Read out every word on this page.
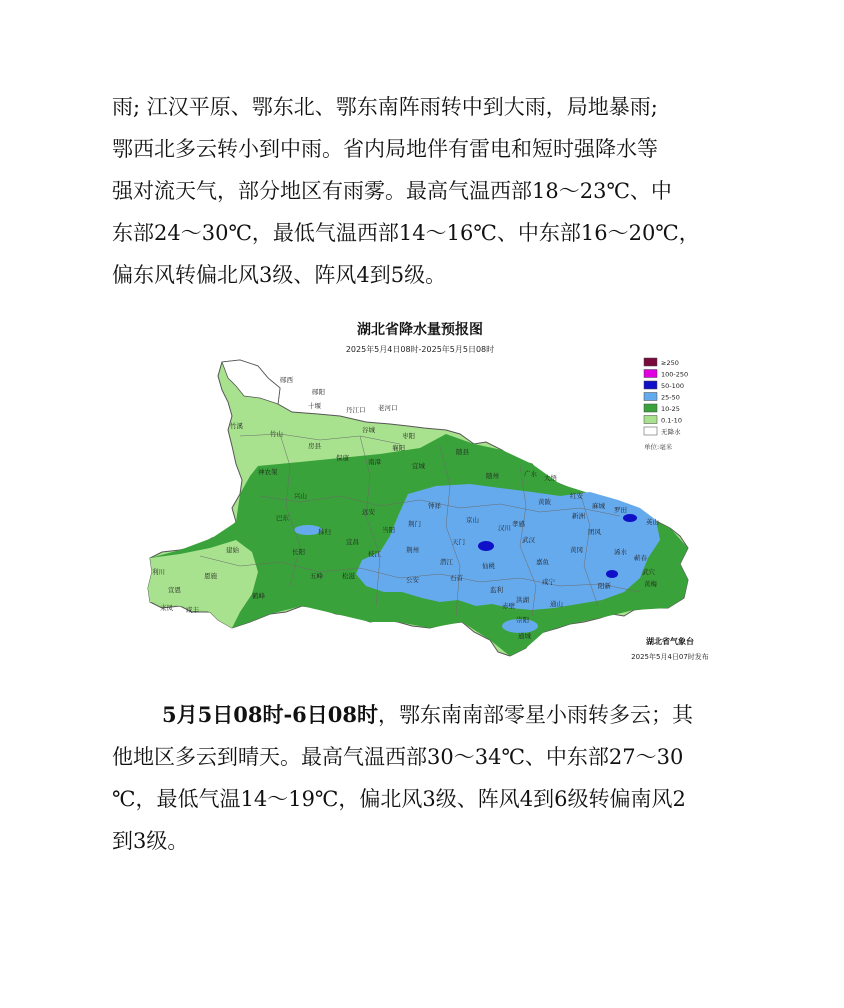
雨; 江汉平原、鄂东北、鄂东南阵雨转中到大雨，局地暴雨;
鄂西北多云转小到中雨。省内局地伴有雷电和短时强降水等
强对流天气，部分地区有雨雾。最高气温西部18～23℃、中
东部24～30℃，最低气温西部14～16℃、中东部16～20℃，
偏东风转偏北风3级、阵风4到5级。
湖北省降水量预报图
2025年5月4日08时-2025年5月5日08时
郧西
郧阳
十堰	丹江口 老河口
谷城
枣阳
襄阳
竹溪
竹山
房县
保康	南漳	宜城
随县
随州	广水 大悟
麻城
红安
神农架
兴山
远安
钟祥
京山	孝感
黄陂
新洲
团风
罗田
英山
巴东
秭归	当阳
荆门
天门
汉川
武汉
黄冈	浠水
蕲春
黄梅
利川	恩施
建始	长阳
宜昌
枝江	荆州
潜江	仙桃	嘉鱼
咸宁	阳新
武穴
宣恩
鹤峰
五峰	松滋	公安	石首
监利
洪湖
赤壁	通山
来凤 咸丰
崇阳
通城
≥250
100-250
50-100
25-50
10-25
0.1-10
无降水
单位:毫米
湖北省气象台
2025年5月4日07时发布
5月5日08时-6日08时，鄂东南南部零星小雨转多云；其
他地区多云到晴天。最高气温西部30～34℃、中东部27～30
℃，最低气温14～19℃，偏北风3级、阵风4到6级转偏南风2
到3级。
